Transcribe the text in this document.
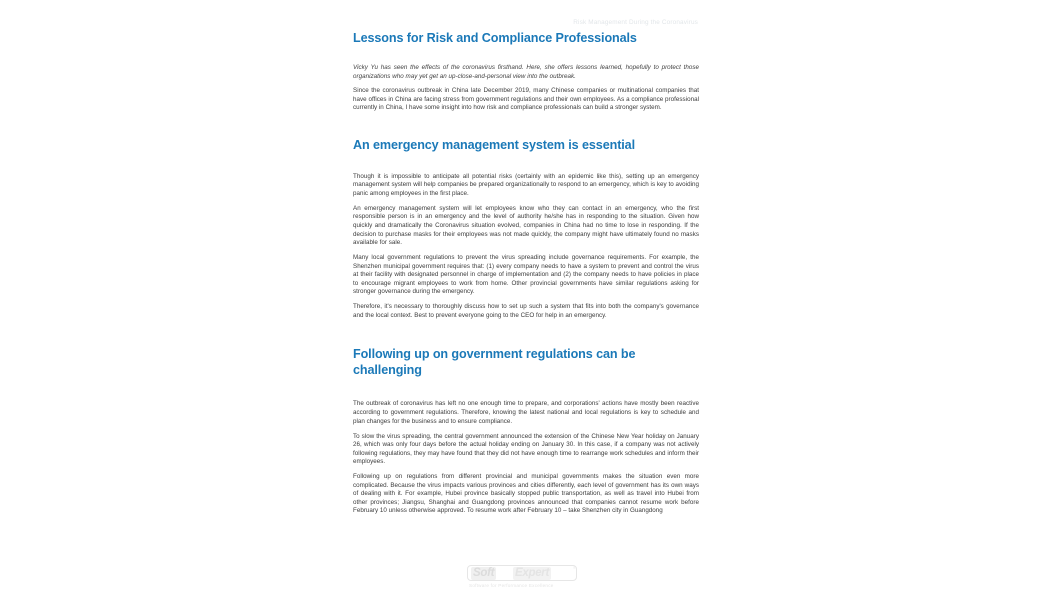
Risk Management During the Coronavirus
Lessons for Risk and Compliance Professionals

Vicky Yu has seen the effects of the coronavirus firsthand. Here, she offers lessons learned, hopefully to protect those organizations who may yet get an up-close-and-personal view into the outbreak.

Since the coronavirus outbreak in China late December 2019, many Chinese companies or multinational companies that have offices in China are facing stress from government regulations and their own employees. As a compliance professional currently in China, I have some insight into how risk and compliance professionals can build a stronger system.

An emergency management system is essential

Though it is impossible to anticipate all potential risks (certainly with an epidemic like this), setting up an emergency management system will help companies be prepared organizationally to respond to an emergency, which is key to avoiding panic among employees in the first place.

An emergency management system will let employees know who they can contact in an emergency, who the first responsible person is in an emergency and the level of authority he/she has in responding to the situation. Given how quickly and dramatically the Coronavirus situation evolved, companies in China had no time to lose in responding. If the decision to purchase masks for their employees was not made quickly, the company might have ultimately found no masks available for sale.

Many local government regulations to prevent the virus spreading include governance requirements. For example, the Shenzhen municipal government requires that: (1) every company needs to have a system to prevent and control the virus at their facility with designated personnel in charge of implementation and (2) the company needs to have policies in place to encourage migrant employees to work from home. Other provincial governments have similar regulations asking for stronger governance during the emergency.

Therefore, it's necessary to thoroughly discuss how to set up such a system that fits into both the company's governance and the local context. Best to prevent everyone going to the CEO for help in an emergency.

Following up on government regulations can be challenging

The outbreak of coronavirus has left no one enough time to prepare, and corporations' actions have mostly been reactive according to government regulations. Therefore, knowing the latest national and local regulations is key to schedule and plan changes for the business and to ensure compliance.

To slow the virus spreading, the central government announced the extension of the Chinese New Year holiday on January 26, which was only four days before the actual holiday ending on January 30. In this case, if a company was not actively following regulations, they may have found that they did not have enough time to rearrange work schedules and inform their employees.

Following up on regulations from different provincial and municipal governments makes the situation even more complicated. Because the virus impacts various provinces and cities differently, each level of government has its own ways of dealing with it. For example, Hubei province basically stopped public transportation, as well as travel into Hubei from other provinces; Jiangsu, Shanghai and Guangdong provinces announced that companies cannot resume work before February 10 unless otherwise approved. To resume work after February 10 – take Shenzhen city in Guangdong

Soft Expert	®
Software for Performance Excellence
